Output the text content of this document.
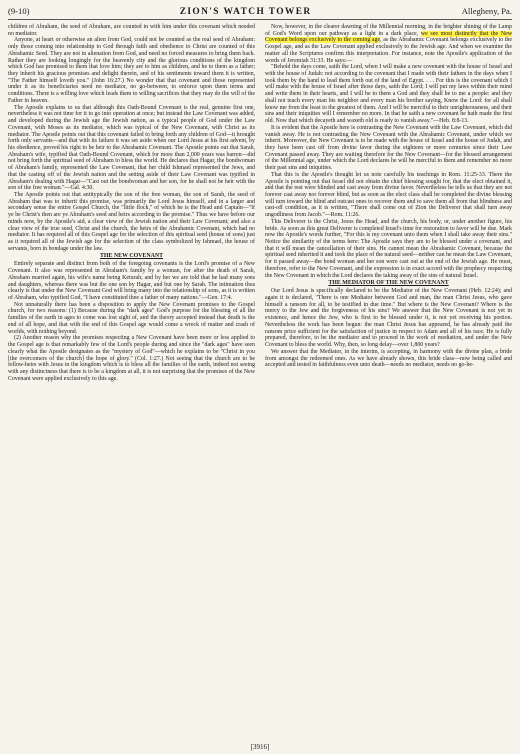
(9-10)	ZION'S WATCH TOWER	Allegheny, Pa.

children of Abraham, the seed of Abraham, are counted in with him under this covenant which needed no mediator.

Anyone, at heart or otherwise an alien from God, could not be counted as the real seed of Abraham: only those coming into relationship to God through faith and obedience to Christ are counted of this Abrahamic Seed. They are not in alienation from God, and need no forced measures to bring them back. Rather they are looking longingly for the heavenly city and the glorious conditions of the kingdom which God has promised to them that love him; they are to him as children, and he to them as a father; they inherit his gracious promises and delight therein, and of his sentiments toward them it is written, "The Father himself loveth you." (John 16:27.) No wonder that that covenant and those represented under it as its beneficiaries need no mediator, no go-between, to enforce upon them terms and conditions. There is a willing love which leads them to willing sacrifices that they may do the will of the Father in heaven.

The Apostle explains to us that although this Oath-Bound Covenant is the real, genuine first one, nevertheless it was not time for it to go into operation at once; but instead the Law Covenant was added, and developed during the Jewish age the Jewish nation, as a typical people of God under the Law Covenant, with Moses as its mediator, which was typical of the New Covenant, with Christ as its mediator. The Apostle points out that this covenant failed to bring forth any children of God—it brought forth only servants—and that with its failure it was set aside when our Lord Jesus at his first advent, by his obedience, proved his right to be heir to the Abrahamic Covenant. The Apostle points out that Sarah, Abraham's wife, typified that Oath-Bound Covenant, which for more than 2,000 years was barren—did not bring forth the spiritual seed of Abraham to bless the world. He declares that Hagar, the bondwoman of Abraham's family, represented the Law Covenant, that her child Ishmael represented the Jews, and that the casting off of the Jewish nation and the setting aside of their Law Covenant was typified in Abraham's dealing with Hagar—"Cast out the bondwoman and her son, for he shall not be heir with the son of the free woman."—Gal. 4:30.

The Apostle points out that antitypically the son of the free woman, the son of Sarah, the seed of Abraham that was to inherit this promise, was primarily the Lord Jesus himself, and in a larger and secondary sense the entire Gospel Church, the "little flock," of which he is the Head and Captain—"If ye be Christ's then are ye Abraham's seed and heirs according to the promise." Thus we have before our minds now, by the Apostle's aid, a clear view of the Jewish nation and their Law Covenant; and also a clear view of the true seed, Christ and the church, the heirs of the Abrahamic Covenant, which had no mediator. It has required all of this Gospel age for the selection of this spiritual seed (house of sons) just as it required all of the Jewish age for the selection of the class symbolized by Ishmael, the house of servants, born in bondage under the law.

THE NEW COVENANT

Entirely separate and distinct from both of the foregoing covenants is the Lord's promise of a New Covenant. It also was represented in Abraham's family by a woman, for after the death of Sarah, Abraham married again, his wife's name being Keturah; and by her we are told that he had many sons and daughters, whereas there was but the one son by Hagar, and but one by Sarah. The intimation thus clearly is that under the New Covenant God will bring many into the relationship of sons, as it is written of Abraham, who typified God, "I have constituted thee a father of many nations."—Gen. 17:4.

Not unnaturally there has been a disposition to apply the New Covenant promises to the Gospel church, for two reasons: (1) Because during the "dark ages" God's purpose for the blessing of all the families of the earth in ages to come was lost sight of, and the theory accepted instead that death is the end of all hope, and that with the end of this Gospel age would come a wreck of matter and crash of worlds, with nothing beyond.

(2) Another reason why the promises respecting a New Covenant have been more or less applied to the Gospel age is that remarkably few of the Lord's people during and since the "dark ages" have seen clearly what the Apostle designates as the "mystery of God"—which he explains to be "Christ in you [the overcomers of the church] the hope of glory." (Col. 1:27.) Not seeing that the church are to be fellow-heirs with Jesus in the kingdom which is to bless all the families of the earth, indeed not seeing with any distinctness that there is to be a kingdom at all, it is not surprising that the promises of the New Covenant were applied exclusively to this age.

Now, however, in the clearer dawning of the Millennial morning, in the brighter shining of the Lamp of God's Word upon our pathway as a light in a dark place, we see most distinctly that the New Covenant belongs exclusively to the coming age, as the Abrahamic Covenant belongs exclusively to the Gospel age, and as the Law Covenant applied exclusively to the Jewish age. And when we examine the matter all the Scriptures confirm this interpretation. For instance, note the Apostle's application of the words of Jeremiah 31:33. He says:—

"Behold the days come, saith the Lord, when I will make a new covenant with the house of Israel and with the house of Judah: not according to the covenant that I made with their fathers in the days when I took them by the hand to lead them forth out of the land of Egypt. . . . For this is the covenant which I will make with the house of Israel after those days, saith the Lord; I will put my laws within their mind and write them in their hearts, and I will be to them a God and they shall be to me a people: and they shall not teach every man his neighbor and every man his brother saying, Know the Lord: for all shall know me from the least to the greatest of them. And I will be merciful to their unrighteousness, and their sins and their iniquities will I remember no more. In that he saith a new covenant he hath made the first old. Now that which decayeth and waxeth old is ready to vanish away."—Heb. 8:8-13.

It is evident that the Apostle here is contrasting the New Covenant with the Law Covenant, which did vanish away. He is not contrasting the New Covenant with the Abrahamic Covenant, under which we inherit. Moreover, the New Covenant is to be made with the house of Israel and the house of Judah, and they have been cast off from divine favor during the eighteen or more centuries since their Law Covenant passed away. They are waiting therefore for the New Covenant—for the blessed arrangement of the Millennial age, under which the Lord declares he will be merciful to them and remember no more their past sins and iniquities.

That this is the Apostle's thought let us note carefully his teachings in Rom. 11:25-33. There the Apostle is pointing out that Israel did not obtain the chief blessing sought for, that the elect obtained it, and that the rest were blinded and cast away from divine favor. Nevertheless he tells us that they are not forever cast away nor forever blind, but as soon as the elect class shall be completed the divine blessing will turn toward the blind and outcast ones to recover them and to save them all from that blindness and cast-off condition, as it is written, "There shall come out of Zion the Deliverer that shall turn away ungodliness from Jacob."—Rom. 11:26.

This Deliverer is the Christ, Jesus the Head, and the church, his body, or, under another figure, his bride. As soon as this great Deliverer is completed Israel's time for restoration to favor will be due. Mark now the Apostle's words further, "For this is my covenant unto them when I shall take away their sins." Notice the similarity of the terms here: The Apostle says they are to be blessed under a covenant, and that it will mean the cancellation of their sins. He cannot mean the Abrahamic Covenant, because the spiritual seed inherited it and took the place of the natural seed—neither can he mean the Law Covenant, for it passed away—the bond woman and her son were cast out at the end of the Jewish age. He must, therefore, refer to the New Covenant, and the expression is in exact accord with the prophecy respecting the New Covenant in which the Lord declares the taking away of the sins of natural Israel.

THE MEDIATOR OF THE NEW COVENANT

Our Lord Jesus is specifically declared to be the Mediator of the New Covenant (Heb. 12:24); and again it is declared, "There is one Mediator between God and man, the man Christ Jesus, who gave himself a ransom for all, to be testified in due time." But where is the New Covenant? Where is the mercy to the Jew and the forgiveness of his sins? We answer that the New Covenant is not yet in existence, and hence the Jew, who is first to be blessed under it, is not yet receiving his portion. Nevertheless the work has been begun: the man Christ Jesus has appeared, he has already paid the ransom price sufficient for the satisfaction of justice in respect to Adam and all of his race. He is fully prepared, therefore, to be the mediator and to proceed in the work of mediation, and under the New Covenant to bless the world. Why, then, so long delay—over 1,800 years?

We answer that the Mediator, in the interim, is accepting, in harmony with the divine plan, a bride from amongst the redeemed ones. As we have already shown, this bride class—now being called and accepted and tested in faithfulness even unto death—needs no mediator, needs no go-be-

[3916]
